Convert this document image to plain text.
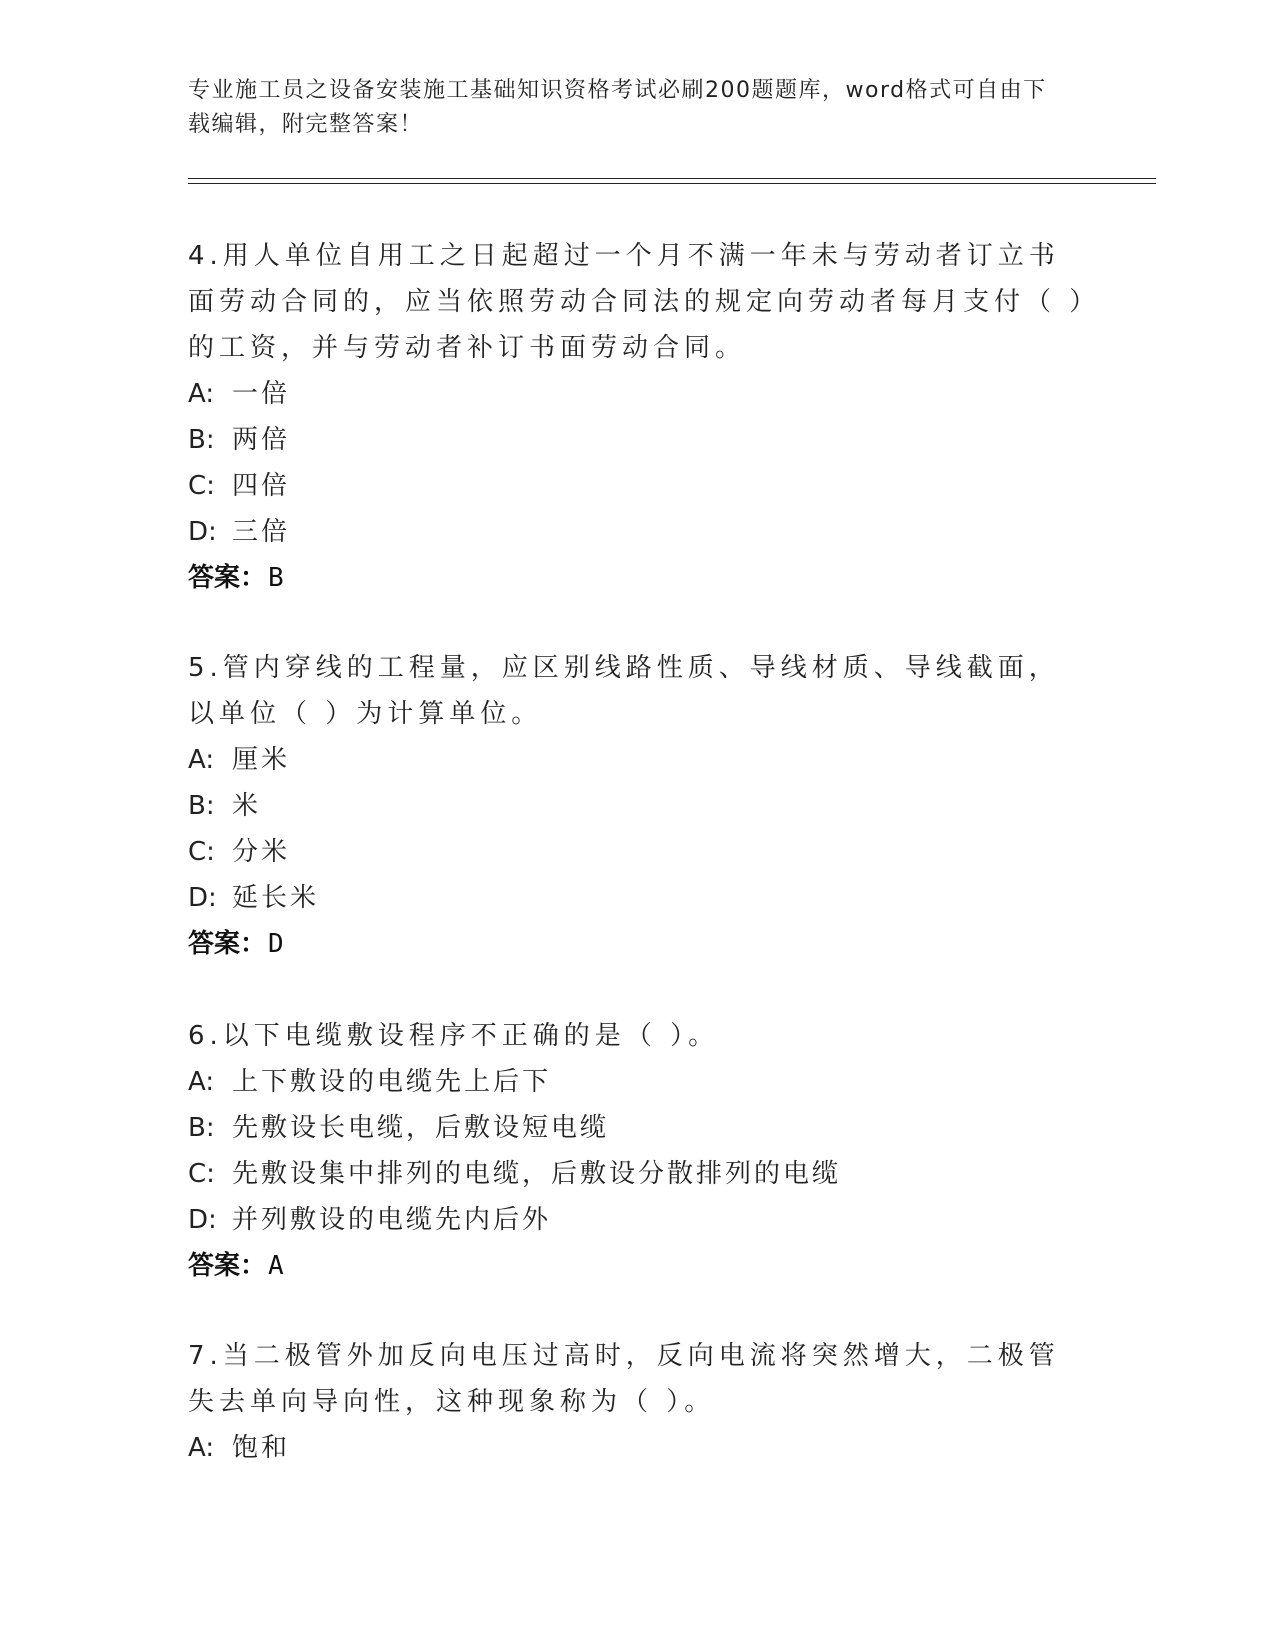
专业施工员之设备安装施工基础知识资格考试必刷200题题库，word格式可自由下载编辑，附完整答案！

4.用人单位自用工之日起超过一个月不满一年未与劳动者订立书面劳动合同的，应当依照劳动合同法的规定向劳动者每月支付（ ）的工资，并与劳动者补订书面劳动合同。

A: 一倍

B: 两倍

C: 四倍

D: 三倍

答案：B

5.管内穿线的工程量，应区别线路性质、导线材质、导线截面，以单位（ ）为计算单位。

A: 厘米

B: 米

C: 分米

D: 延长米

答案：D

6.以下电缆敷设程序不正确的是（ ）。

A: 上下敷设的电缆先上后下

B: 先敷设长电缆，后敷设短电缆

C: 先敷设集中排列的电缆，后敷设分散排列的电缆

D: 并列敷设的电缆先内后外

答案：A

7.当二极管外加反向电压过高时，反向电流将突然增大，二极管失去单向导向性，这种现象称为（ ）。

A: 饱和
